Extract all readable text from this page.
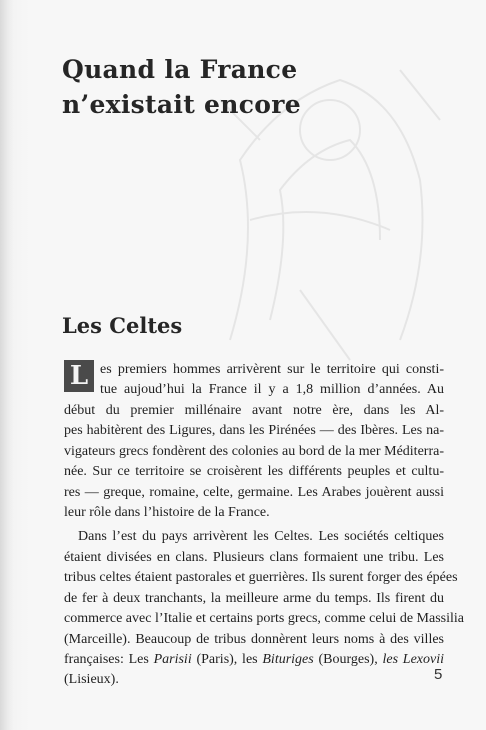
Quand la France
n’existait encore
Les Celtes
L es premiers hommes arrivèrent sur le territoire qui consti-
tue aujoud’hui la France il y a 1,8 million d’années. Au
début du premier millénaire avant notre ère, dans les Al-
pes habitèrent des Ligures, dans les Pirénées — des Ibères. Les na-
vigateurs grecs fondèrent des colonies au bord de la mer Méditerra-
née. Sur ce territoire se croisèrent les différents peuples et cultu-
res — greque, romaine, celte, germaine. Les Arabes jouèrent aussi
leur rôle dans l’histoire de la France.
Dans l’est du pays arrivèrent les Celtes. Les sociétés celtiques
étaient divisées en clans. Plusieurs clans formaient une tribu. Les
tribus celtes étaient pastorales et guerrières. Ils surent forger des épées
de fer à deux tranchants, la meilleure arme du temps. Ils firent du
commerce avec l’Italie et certains ports grecs, comme celui de Massilia
(Marceille). Beaucoup de tribus donnèrent leurs noms à des villes
françaises: Les Parisii (Paris), les Bituriges (Bourges), les Lexovii
(Lisieux).	5
